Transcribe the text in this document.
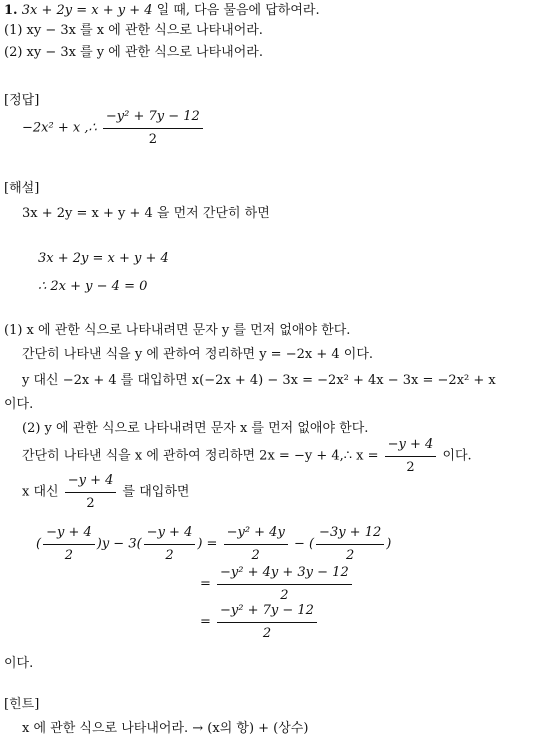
1. 3x + 2y = x + y + 4 일 때, 다음 물음에 답하여라.
(1) xy − 3x 를 x 에 관한 식으로 나타내어라.
(2) xy − 3x 를 y 에 관한 식으로 나타내어라.
[정답]
−2x² + x ,∴ $\frac{\text{−y² + 7y − 12}}{2}$
[해설]
3x + 2y = x + y + 4 을 먼저 간단히 하면
3x + 2y = x + y + 4
∴ 2x + y − 4 = 0
(1) x 에 관한 식으로 나타내려면 문자 y 를 먼저 없애야 한다.
간단히 나타낸 식을 y 에 관하여 정리하면 y = −2x + 4 이다.
y 대신 −2x + 4 를 대입하면 x(−2x + 4) − 3x = −2x² + 4x − 3x = −2x² + x
이다.
(2) y 에 관한 식으로 나타내려면 문자 x 를 먼저 없애야 한다.
간단히 나타낸 식을 x 에 관하여 정리하면 2x = −y + 4,∴ $x = \frac{-y + 4}{2}$ 이다.
x 대신 $\frac{-y + 4}{2}$ 를 대입하면
( $\frac{-y + 4}{2} )y - 3( \frac{-y + 4}{2}$ ) = $\frac{\text{−y² + 4y}}{2}$ − ( $\frac{-3y + 12}{2}$ )
= $\frac{\text{−y² + 4y + 3y − 12}}{2}$
= $\frac{\text{−y² + 7y − 12}}{2}$
이다.
[힌트]
x 에 관한 식으로 나타내어라. → (x의 항) + (상수)
